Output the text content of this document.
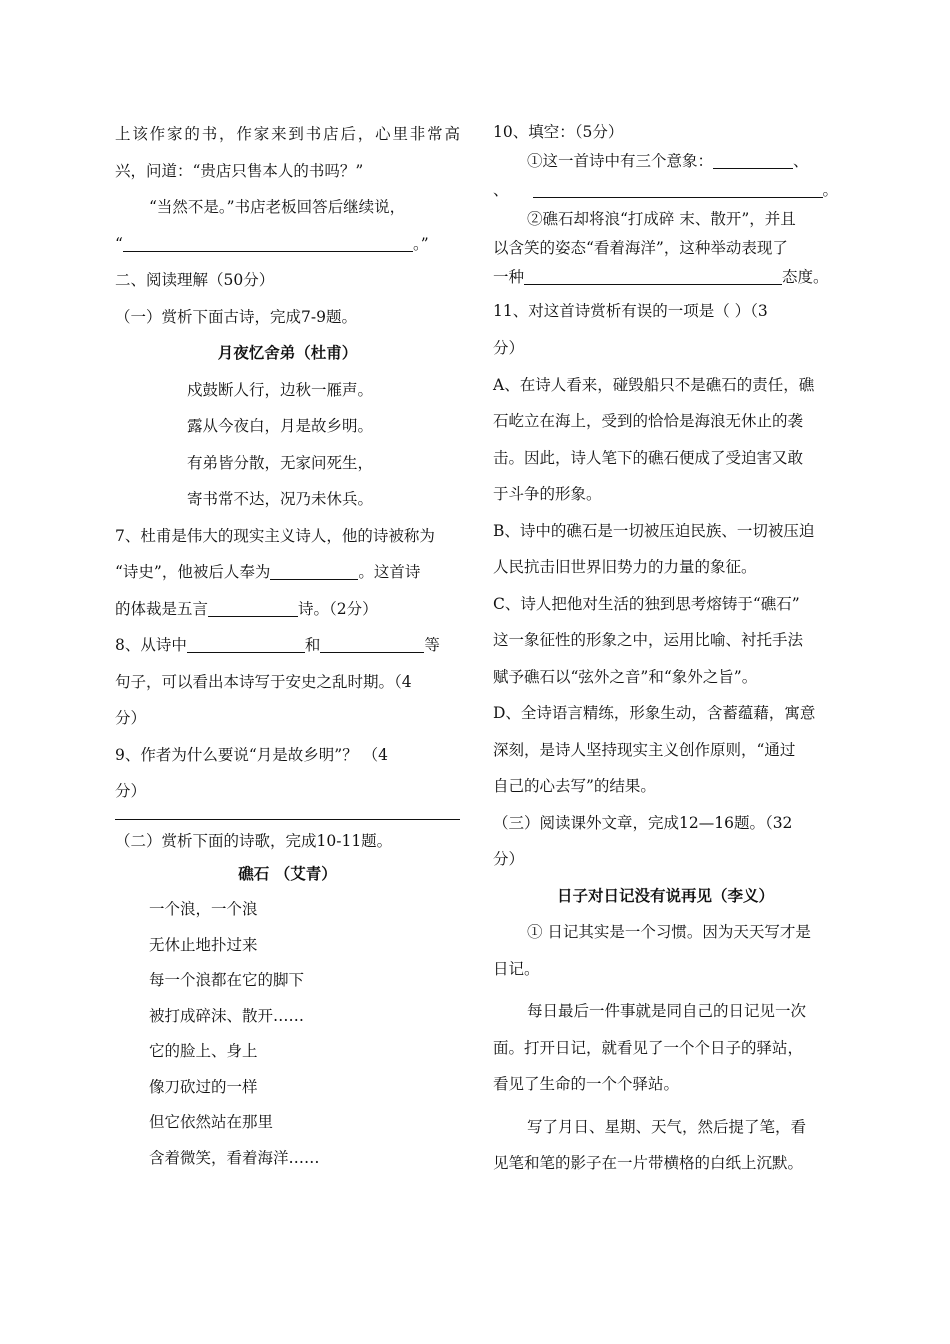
上该作家的书，作家来到书店后，心里非常高
兴，问道：“贵店只售本人的书吗？”
“当然不是。”书店老板回答后继续说，
“	。”
二、阅读理解（50分）
（一）赏析下面古诗，完成7-9题。
月夜忆舍弟（杜甫）
戍鼓断人行，边秋一雁声。
露从今夜白，月是故乡明。
有弟皆分散，无家问死生，
寄书常不达，况乃未休兵。
7、杜甫是伟大的现实主义诗人，他的诗被称为
“诗史”，他被后人奉为	。这首诗
的体裁是五言	诗。（2分）
8、从诗中	和	等
句子，可以看出本诗写于安史之乱时期。（4
分）
9、作者为什么要说“月是故乡明”？ （4
分）
（二）赏析下面的诗歌，完成10-11题。
礁石 （艾青）
一个浪，一个浪
无休止地扑过来
每一个浪都在它的脚下
被打成碎沫、散开……
它的脸上、身上
像刀砍过的一样
但它依然站在那里
含着微笑，看着海洋……
10、填空：（5分）
①这一首诗中有三个意象：	、
、	。
②礁石却将浪“打成碎 末、散开”，并且
以含笑的姿态“看着海洋”，这种举动表现了
一种	态度。
11、对这首诗赏析有误的一项是（ ）（3
分）
A、在诗人看来，碰毁船只不是礁石的责任，礁
石屹立在海上，受到的恰恰是海浪无休止的袭
击。因此，诗人笔下的礁石便成了受迫害又敢
于斗争的形象。
B、诗中的礁石是一切被压迫民族、一切被压迫
人民抗击旧世界旧势力的力量的象征。
C、诗人把他对生活的独到思考熔铸于“礁石”
这一象征性的形象之中，运用比喻、衬托手法
赋予礁石以“弦外之音”和“象外之旨”。
D、全诗语言精练，形象生动，含蓄蕴藉，寓意
深刻，是诗人坚持现实主义创作原则，“通过
自己的心去写”的结果。
（三）阅读课外文章，完成12—16题。（32
分）
日子对日记没有说再见（李义）
① 日记其实是一个习惯。因为天天写才是
日记。
每日最后一件事就是同自己的日记见一次
面。打开日记，就看见了一个个日子的驿站，
看见了生命的一个个驿站。
写了月日、星期、天气，然后提了笔，看
见笔和笔的影子在一片带横格的白纸上沉默。
